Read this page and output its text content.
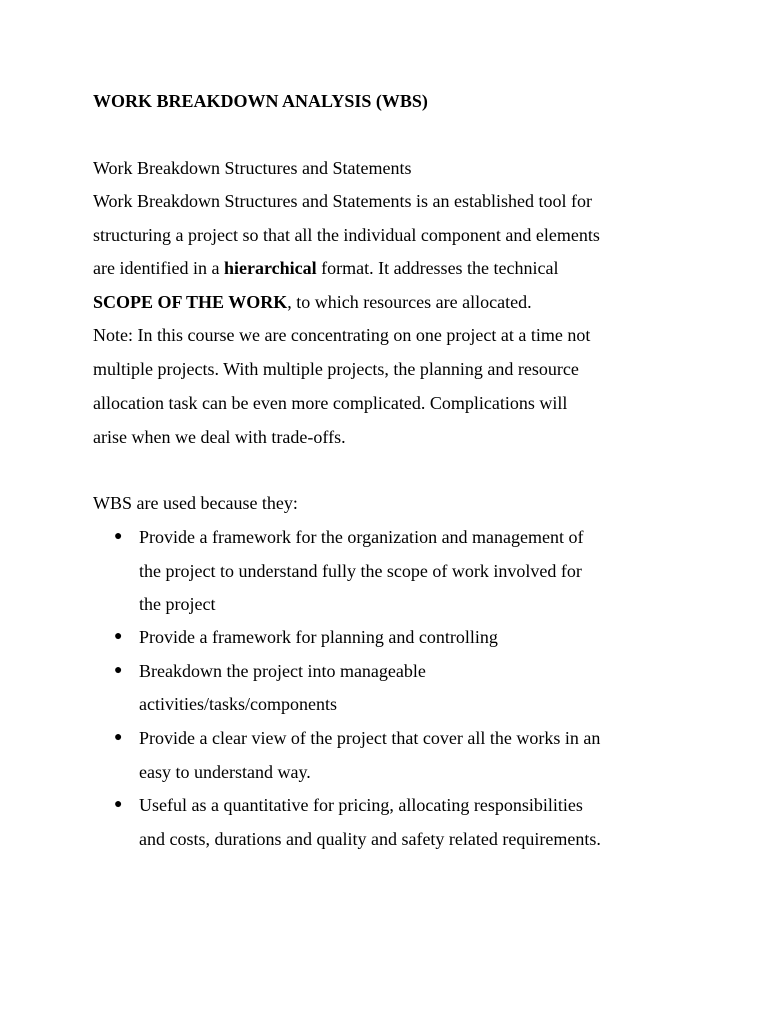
WORK BREAKDOWN ANALYSIS (WBS)
Work Breakdown Structures and Statements
Work Breakdown Structures and Statements is an established tool for
structuring a project so that all the individual component and elements
are identified in a hierarchical format. It addresses the technical
SCOPE OF THE WORK, to which resources are allocated.
Note: In this course we are concentrating on one project at a time not
multiple projects. With multiple projects, the planning and resource
allocation task can be even more complicated. Complications will
arise when we deal with trade-offs.
WBS are used because they:
● Provide a framework for the organization and management of
the project to understand fully the scope of work involved for
the project
● Provide a framework for planning and controlling
● Breakdown the project into manageable
activities/tasks/components
● Provide a clear view of the project that cover all the works in an
easy to understand way.
● Useful as a quantitative for pricing, allocating responsibilities
and costs, durations and quality and safety related requirements.
